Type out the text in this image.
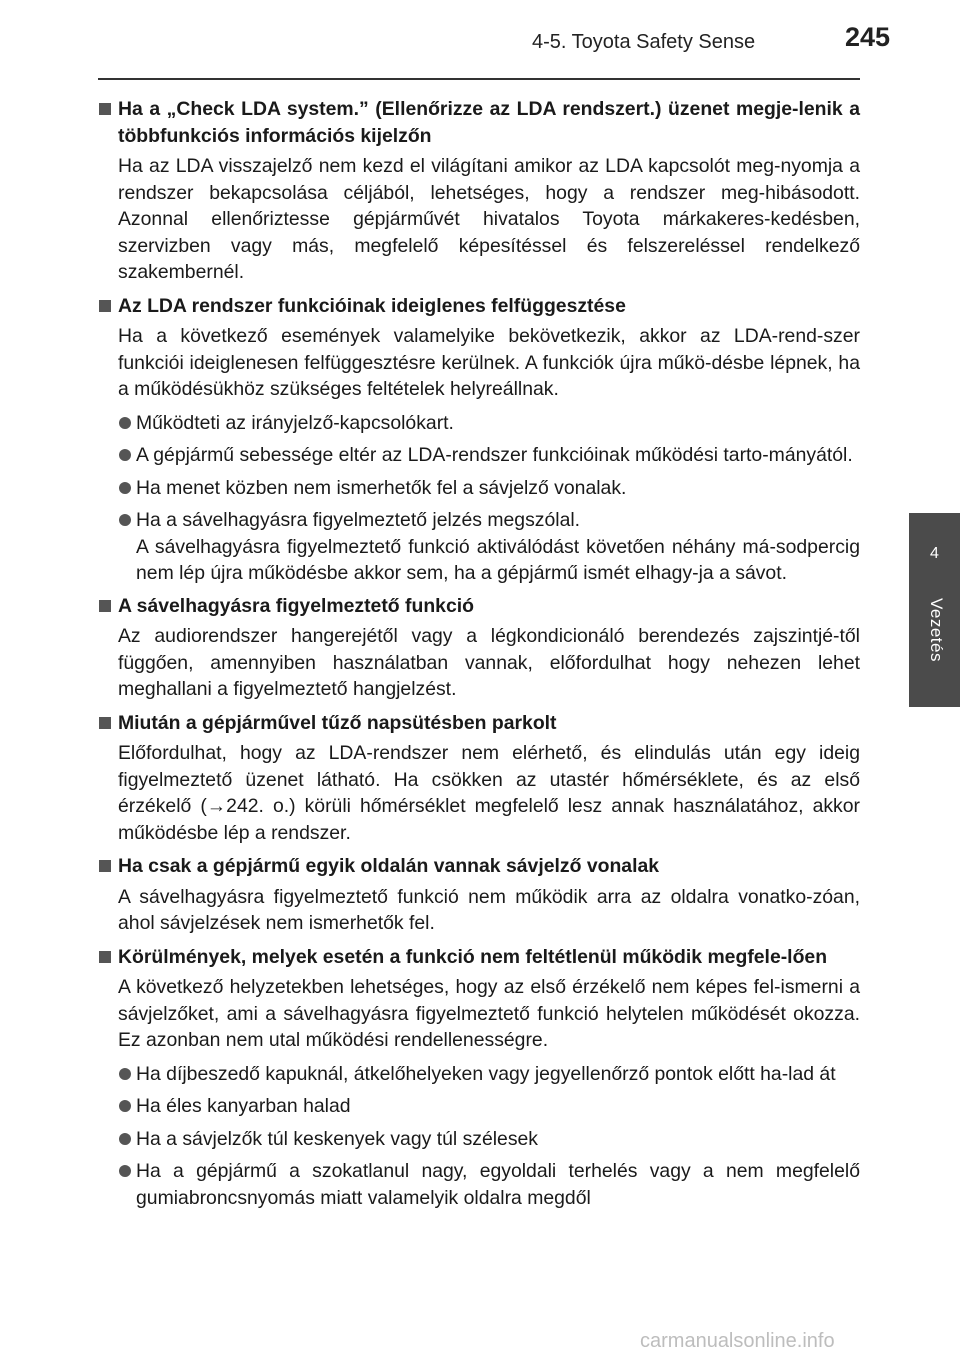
4-5. Toyota Safety Sense	245
4
Vezetés
Ha a „Check LDA system.” (Ellenőrizze az LDA rendszert.) üzenet megje-lenik a többfunkciós információs kijelzőn
Ha az LDA visszajelző nem kezd el világítani amikor az LDA kapcsolót meg-nyomja a rendszer bekapcsolása céljából, lehetséges, hogy a rendszer meg-hibásodott. Azonnal ellenőriztesse gépjárművét hivatalos Toyota márkakeres-kedésben, szervizben vagy más, megfelelő képesítéssel és felszereléssel rendelkező szakembernél.
Az LDA rendszer funkcióinak ideiglenes felfüggesztése
Ha a következő események valamelyike bekövetkezik, akkor az LDA-rend-szer funkciói ideiglenesen felfüggesztésre kerülnek. A funkciók újra műkö-désbe lépnek, ha a működésükhöz szükséges feltételek helyreállnak.
Működteti az irányjelző-kapcsolókart.
A gépjármű sebessége eltér az LDA-rendszer funkcióinak működési tarto-mányától.
Ha menet közben nem ismerhetők fel a sávjelző vonalak.
Ha a sávelhagyásra figyelmeztető jelzés megszólal.
A sávelhagyásra figyelmeztető funkció aktiválódást követően néhány má-sodpercig nem lép újra működésbe akkor sem, ha a gépjármű ismét elhagy-ja a sávot.
A sávelhagyásra figyelmeztető funkció
Az audiorendszer hangerejétől vagy a légkondicionáló berendezés zajszintjé-től függően, amennyiben használatban vannak, előfordulhat hogy nehezen lehet meghallani a figyelmeztető hangjelzést.
Miután a gépjárművel tűző napsütésben parkolt
Előfordulhat, hogy az LDA-rendszer nem elérhető, és elindulás után egy ideig figyelmeztető üzenet látható. Ha csökken az utastér hőmérséklete, és az első érzékelő (→242. o.) körüli hőmérséklet megfelelő lesz annak használatához, akkor működésbe lép a rendszer.
Ha csak a gépjármű egyik oldalán vannak sávjelző vonalak
A sávelhagyásra figyelmeztető funkció nem működik arra az oldalra vonatko-zóan, ahol sávjelzések nem ismerhetők fel.
Körülmények, melyek esetén a funkció nem feltétlenül működik megfele-lően
A következő helyzetekben lehetséges, hogy az első érzékelő nem képes fel-ismerni a sávjelzőket, ami a sávelhagyásra figyelmeztető funkció helytelen működését okozza. Ez azonban nem utal működési rendellenességre.
Ha díjbeszedő kapuknál, átkelőhelyeken vagy jegyellenőrző pontok előtt ha-lad át
Ha éles kanyarban halad
Ha a sávjelzők túl keskenyek vagy túl szélesek
Ha a gépjármű a szokatlanul nagy, egyoldali terhelés vagy a nem megfelelő gumiabroncsnyomás miatt valamelyik oldalra megdől
carmanualsonline.info
